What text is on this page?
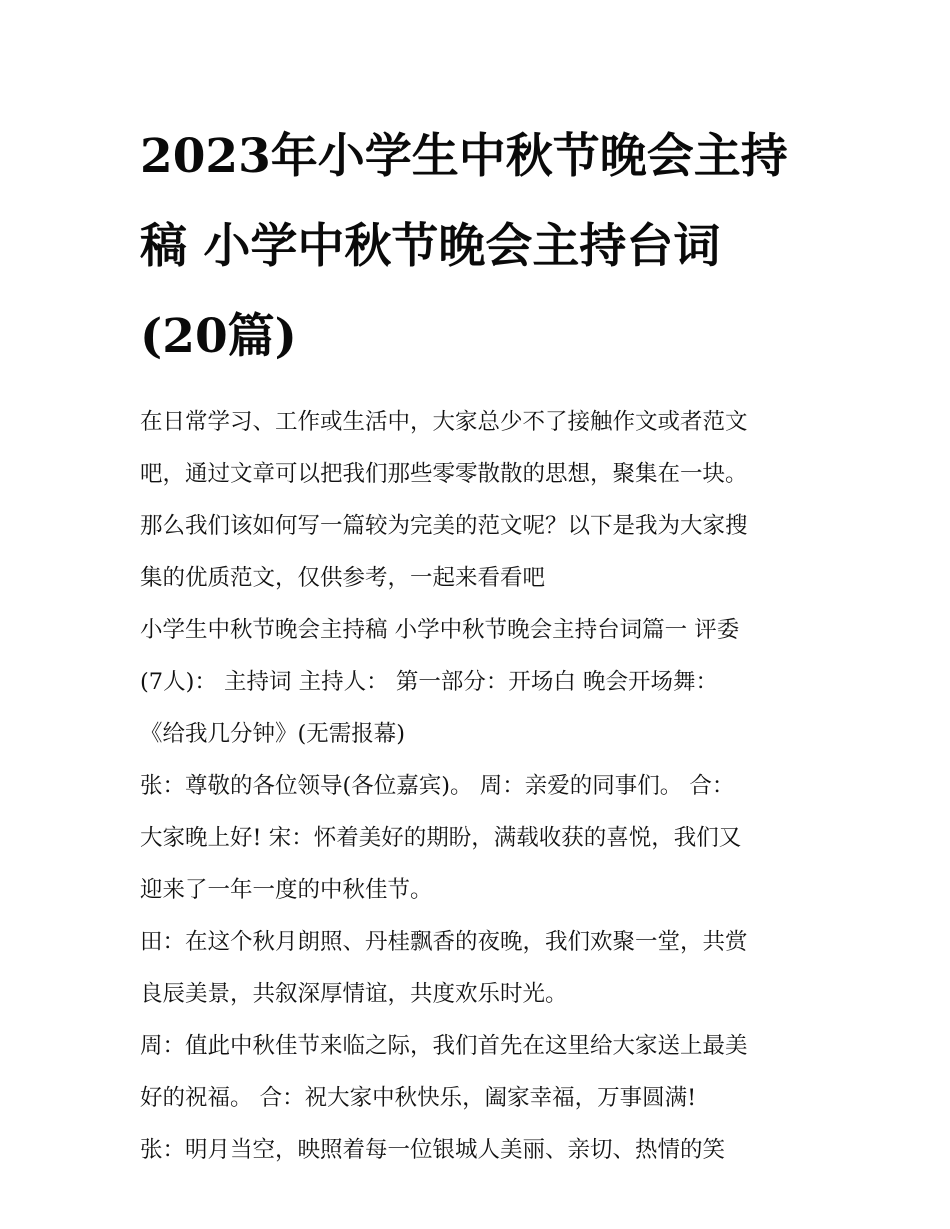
2023年小学生中秋节晚会主持
稿 小学中秋节晚会主持台词
(20篇)

在日常学习、工作或生活中，大家总少不了接触作文或者范文
吧，通过文章可以把我们那些零零散散的思想，聚集在一块。
那么我们该如何写一篇较为完美的范文呢？以下是我为大家搜
集的优质范文，仅供参考，一起来看看吧

小学生中秋节晚会主持稿 小学中秋节晚会主持台词篇一 评委
(7人)： 主持词 主持人： 第一部分：开场白 晚会开场舞：
《给我几分钟》(无需报幕)

张：尊敬的各位领导(各位嘉宾)。 周：亲爱的同事们。 合：
大家晚上好! 宋：怀着美好的期盼，满载收获的喜悦，我们又
迎来了一年一度的中秋佳节。

田：在这个秋月朗照、丹桂飘香的夜晚，我们欢聚一堂，共赏
良辰美景，共叙深厚情谊，共度欢乐时光。

周：值此中秋佳节来临之际，我们首先在这里给大家送上最美
好的祝福。 合：祝大家中秋快乐，阖家幸福，万事圆满!

张：明月当空，映照着每一位银城人美丽、亲切、热情的笑
